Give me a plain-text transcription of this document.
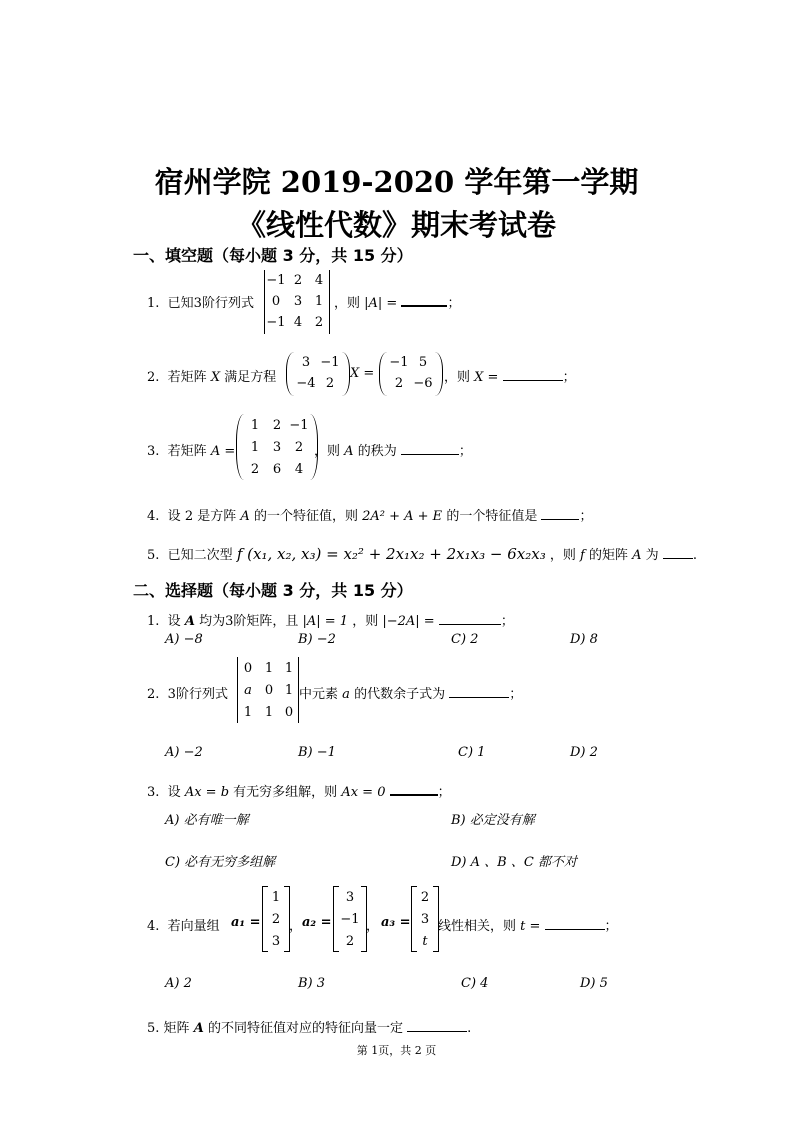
宿州学院 2019-2020 学年第一学期
《线性代数》期末考试卷
一、填空题（每小题 3 分，共 15 分）
1. 已知3阶行列式
−1 2 4
0	3 1
−1 4 2
，则 |A| =	；
2. 若矩阵 X 满足方程
3 −1
−4 2
X =
−1 5
2 −6 ，则 X =	；
3. 若矩阵 A =
1	2 −1
1	3	2
2	6	4
，则 A 的秩为	；
4. 设 2 是方阵 A 的一个特征值，则 2A² + A + E 的一个特征值是	；
5. 已知二次型 f (x₁, x₂, x₃) = x₂² + 2x₁x₂ + 2x₁x₃ − 6x₂x₃ ，则 f 的矩阵 A 为	.
二、选择题（每小题 3 分，共 15 分）
1. 设 A 均为3阶矩阵，且 |A| = 1 ，则 |−2A| =	；
A) −8	B) −2	C) 2	D) 8
2. 3阶行列式
0 1 1
a 0 1
1 1 0
中元素 a 的代数余子式为	；
A) −2	B) −1	C) 1	D) 2
3. 设 Ax = b 有无穷多组解，则 Ax = 0	；
A) 必有唯一解	B) 必定没有解
C) 必有无穷多组解	D) A 、B 、C 都不对
4. 若向量组 a₁ =
1
2
3
， a₂ =
3
−1
2
， a₃ =
2
3
t
线性相关，则 t =	；
A) 2	B) 3	C) 4	D) 5
5. 矩阵 A 的不同特征值对应的特征向量一定	.
第 1页，共 2 页
